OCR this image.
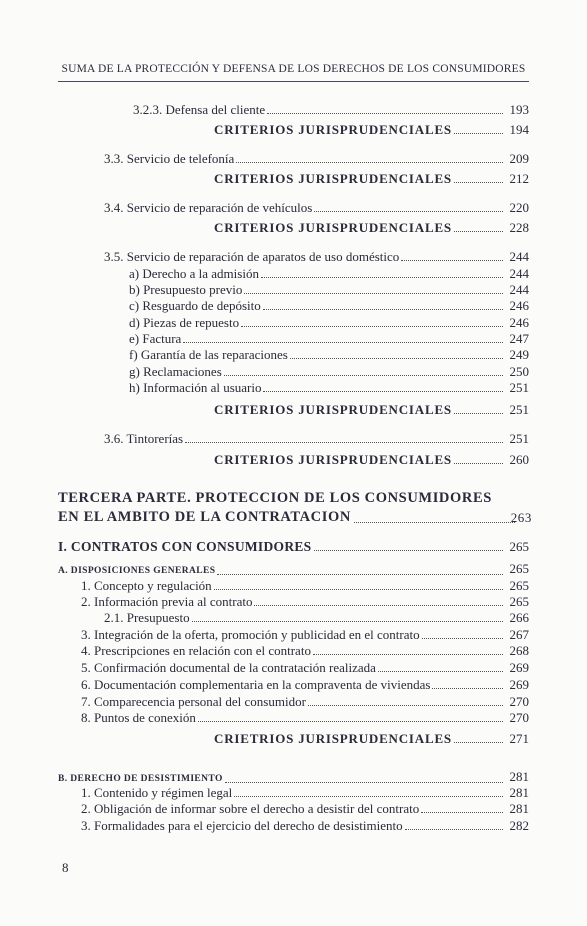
SUMA DE LA PROTECCIÓN Y DEFENSA DE LOS DERECHOS DE LOS CONSUMIDORES
3.2.3. Defensa del cliente	193
CRITERIOS JURISPRUDENCIALES	194
3.3. Servicio de telefonía	209
CRITERIOS JURISPRUDENCIALES	212
3.4. Servicio de reparación de vehículos	220
CRITERIOS JURISPRUDENCIALES	228
3.5. Servicio de reparación de aparatos de uso doméstico	244
a) Derecho a la admisión	244
b) Presupuesto previo	244
c) Resguardo de depósito	246
d) Piezas de repuesto	246
e) Factura	247
f) Garantía de las reparaciones	249
g) Reclamaciones	250
h) Información al usuario	251
CRITERIOS JURISPRUDENCIALES	251
3.6. Tintorerías	251
CRITERIOS JURISPRUDENCIALES	260
TERCERA PARTE. PROTECCION DE LOS CONSUMIDORES
EN EL AMBITO DE LA CONTRATACION	263
I. CONTRATOS CON CONSUMIDORES	265
A. DISPOSICIONES GENERALES	265
1. Concepto y regulación	265
2. Información previa al contrato	265
2.1. Presupuesto	266
3. Integración de la oferta, promoción y publicidad en el contrato	267
4. Prescripciones en relación con el contrato	268
5. Confirmación documental de la contratación realizada	269
6. Documentación complementaria en la compraventa de viviendas	269
7. Comparecencia personal del consumidor	270
8. Puntos de conexión	270
CRIETRIOS JURISPRUDENCIALES	271
B. DERECHO DE DESISTIMIENTO	281
1. Contenido y régimen legal	281
2. Obligación de informar sobre el derecho a desistir del contrato	281
3. Formalidades para el ejercicio del derecho de desistimiento	282
8
